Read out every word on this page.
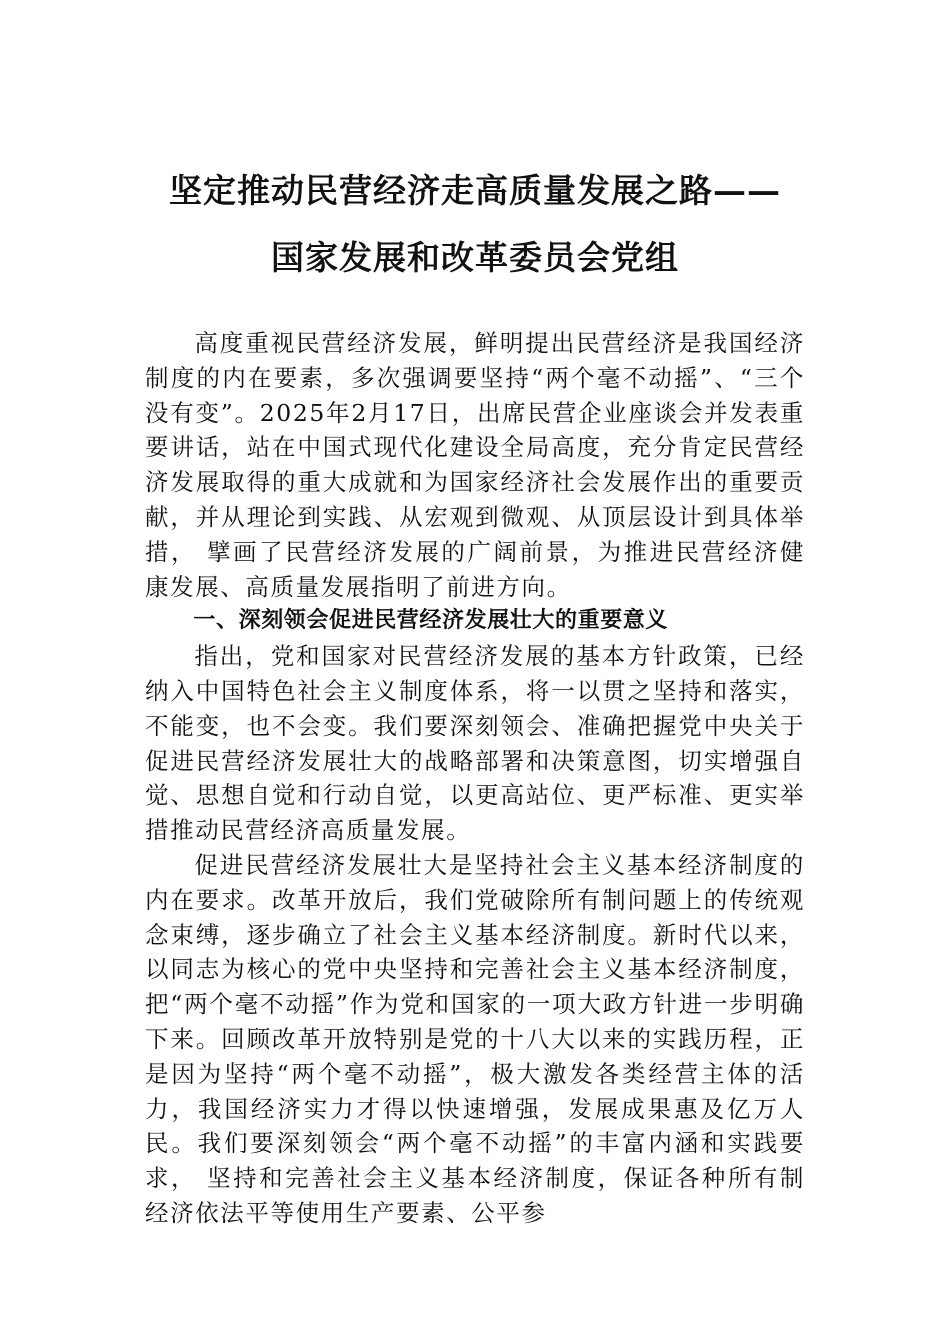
坚定推动民营经济走高质量发展之路——
国家发展和改革委员会党组

高度重视民营经济发展，鲜明提出民营经济是我国经济制度的内在要素，多次强调要坚持“两个毫不动摇”、“三个没有变”。2025年2月17日，出席民营企业座谈会并发表重要讲话，站在中国式现代化建设全局高度，充分肯定民营经济发展取得的重大成就和为国家经济社会发展作出的重要贡献，并从理论到实践、从宏观到微观、从顶层设计到具体举措， 擘画了民营经济发展的广阔前景，为推进民营经济健康发展、高质量发展指明了前进方向。

一、深刻领会促进民营经济发展壮大的重要意义

指出，党和国家对民营经济发展的基本方针政策，已经纳入中国特色社会主义制度体系，将一以贯之坚持和落实，不能变，也不会变。我们要深刻领会、准确把握党中央关于促进民营经济发展壮大的战略部署和决策意图，切实增强自觉、思想自觉和行动自觉，以更高站位、更严标准、更实举措推动民营经济高质量发展。

促进民营经济发展壮大是坚持社会主义基本经济制度的内在要求。改革开放后，我们党破除所有制问题上的传统观念束缚，逐步确立了社会主义基本经济制度。新时代以来，以同志为核心的党中央坚持和完善社会主义基本经济制度，把“两个毫不动摇”作为党和国家的一项大政方针进一步明确下来。回顾改革开放特别是党的十八大以来的实践历程，正是因为坚持“两个毫不动摇”，极大激发各类经营主体的活力，我国经济实力才得以快速增强，发展成果惠及亿万人民。我们要深刻领会“两个毫不动摇”的丰富内涵和实践要求， 坚持和完善社会主义基本经济制度，保证各种所有制经济依法平等使用生产要素、公平参
